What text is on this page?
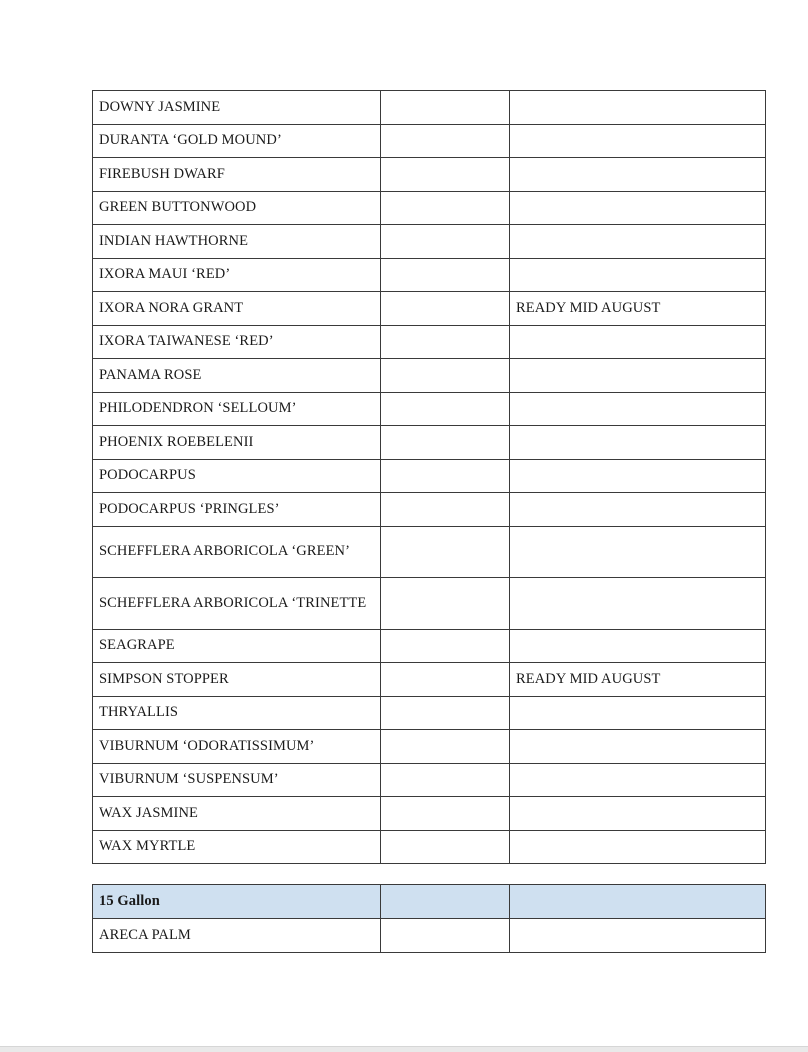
DOWNY JASMINE		
DURANTA ‘GOLD MOUND’		
FIREBUSH DWARF		
GREEN BUTTONWOOD		
INDIAN HAWTHORNE		
IXORA MAUI ‘RED’		
IXORA NORA GRANT		READY MID AUGUST
IXORA TAIWANESE ‘RED’		
PANAMA ROSE		
PHILODENDRON ‘SELLOUM’		
PHOENIX ROEBELENII		
PODOCARPUS		
PODOCARPUS ‘PRINGLES’		
SCHEFFLERA ARBORICOLA ‘GREEN’		
SCHEFFLERA ARBORICOLA ‘TRINETTE		
SEAGRAPE		
SIMPSON STOPPER		READY MID AUGUST
THRYALLIS		
VIBURNUM ‘ODORATISSIMUM’		
VIBURNUM ‘SUSPENSUM’		
WAX JASMINE		
WAX MYRTLE		
15 Gallon		
ARECA PALM		
